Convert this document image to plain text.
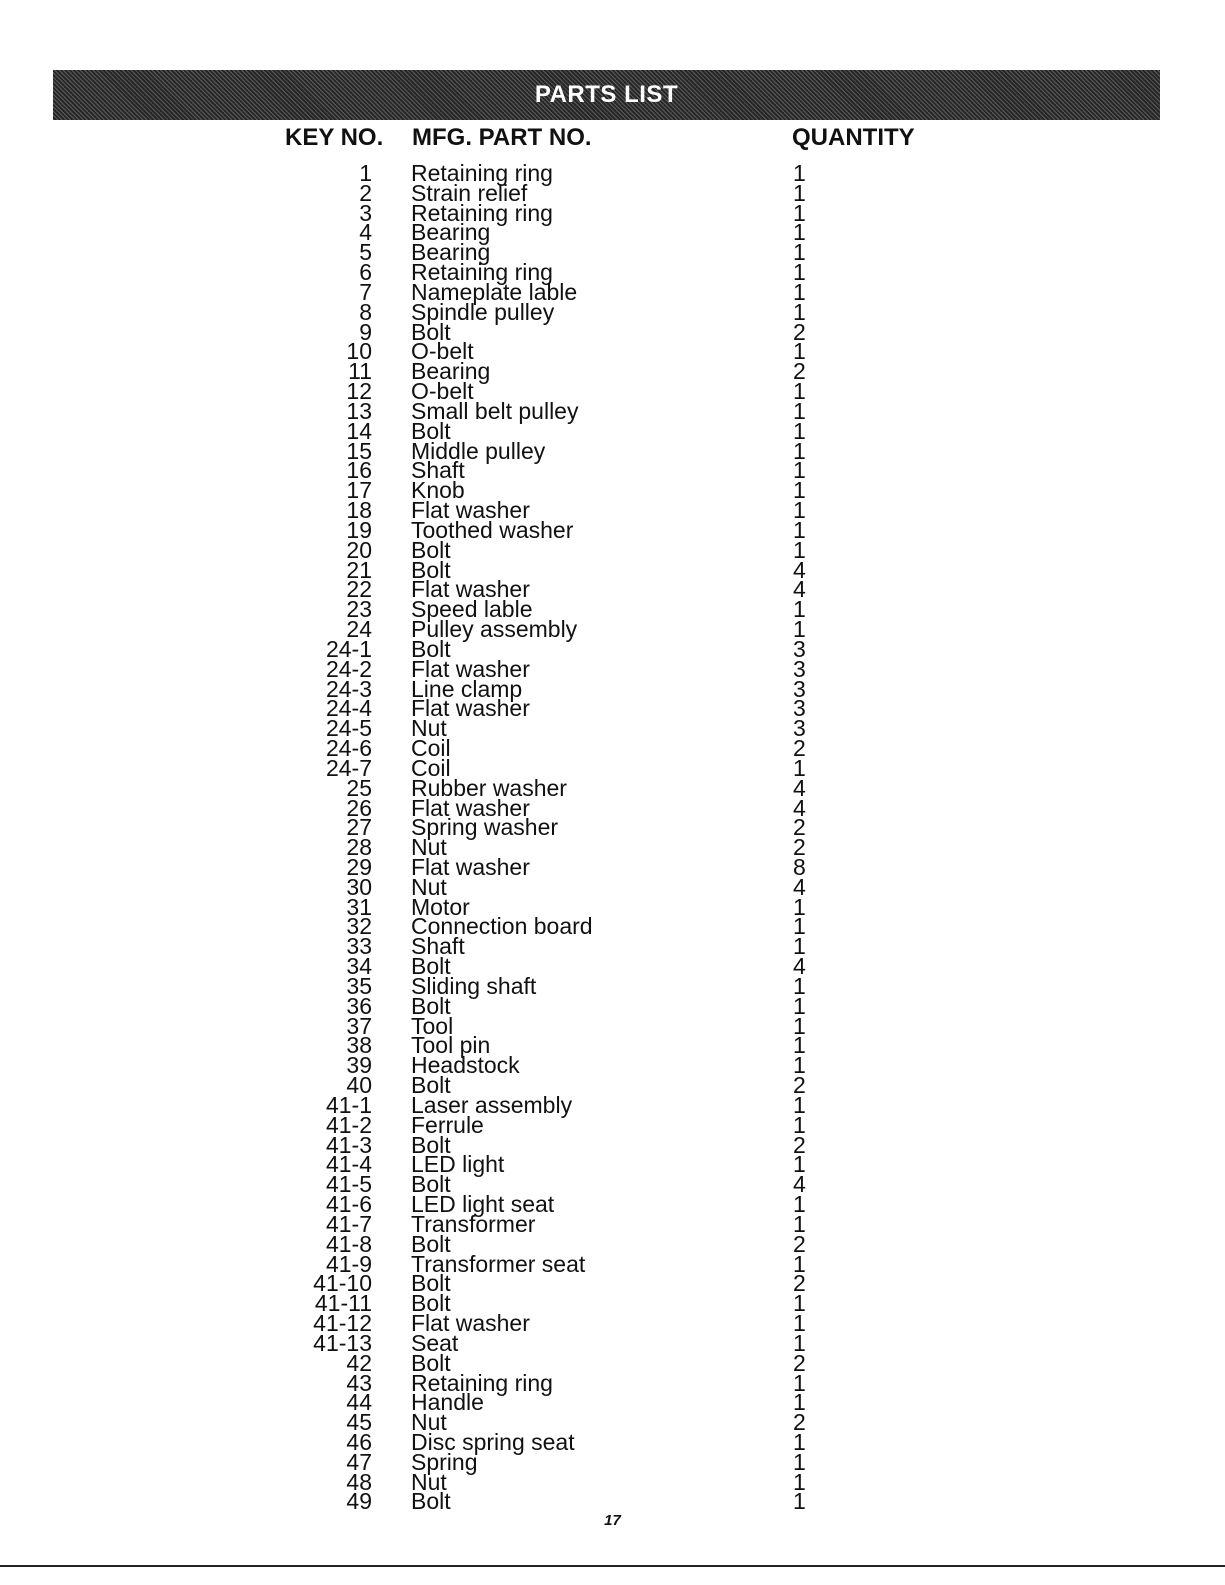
PARTS LIST
KEY NO. MFG. PART NO.	QUANTITY
1 Retaining ring	1
2 Strain relief	1
3 Retaining ring	1
4 Bearing	1
5 Bearing	1
6 Retaining ring	1
7 Nameplate lable	1
8 Spindle pulley	1
9 Bolt	2
10 O-belt	1
11 Bearing	2
12 O-belt	1
13 Small belt pulley	1
14 Bolt	1
15 Middle pulley	1
16 Shaft	1
17 Knob	1
18 Flat washer	1
19 Toothed washer	1
20 Bolt	1
21 Bolt	4
22 Flat washer	4
23 Speed lable	1
24 Pulley assembly	1
24-1 Bolt	3
24-2 Flat washer	3
24-3 Line clamp	3
24-4 Flat washer	3
24-5 Nut	3
24-6 Coil	2
24-7 Coil	1
25 Rubber washer	4
26 Flat washer	4
27 Spring washer	2
28 Nut	2
29 Flat washer	8
30 Nut	4
31 Motor	1
32 Connection board	1
33 Shaft	1
34 Bolt	4
35 Sliding shaft	1
36 Bolt	1
37 Tool	1
38 Tool pin	1
39 Headstock	1
40 Bolt	2
41-1 Laser assembly	1
41-2 Ferrule	1
41-3 Bolt	2
41-4 LED light	1
41-5 Bolt	4
41-6 LED light seat	1
41-7 Transformer	1
41-8 Bolt	2
41-9 Transformer seat	1
41-10 Bolt	2
41-11 Bolt	1
41-12 Flat washer	1
41-13 Seat	1
42 Bolt	2
43 Retaining ring	1
44 Handle	1
45 Nut	2
46 Disc spring seat	1
47 Spring	1
48 Nut	1
49 Bolt	1
17
